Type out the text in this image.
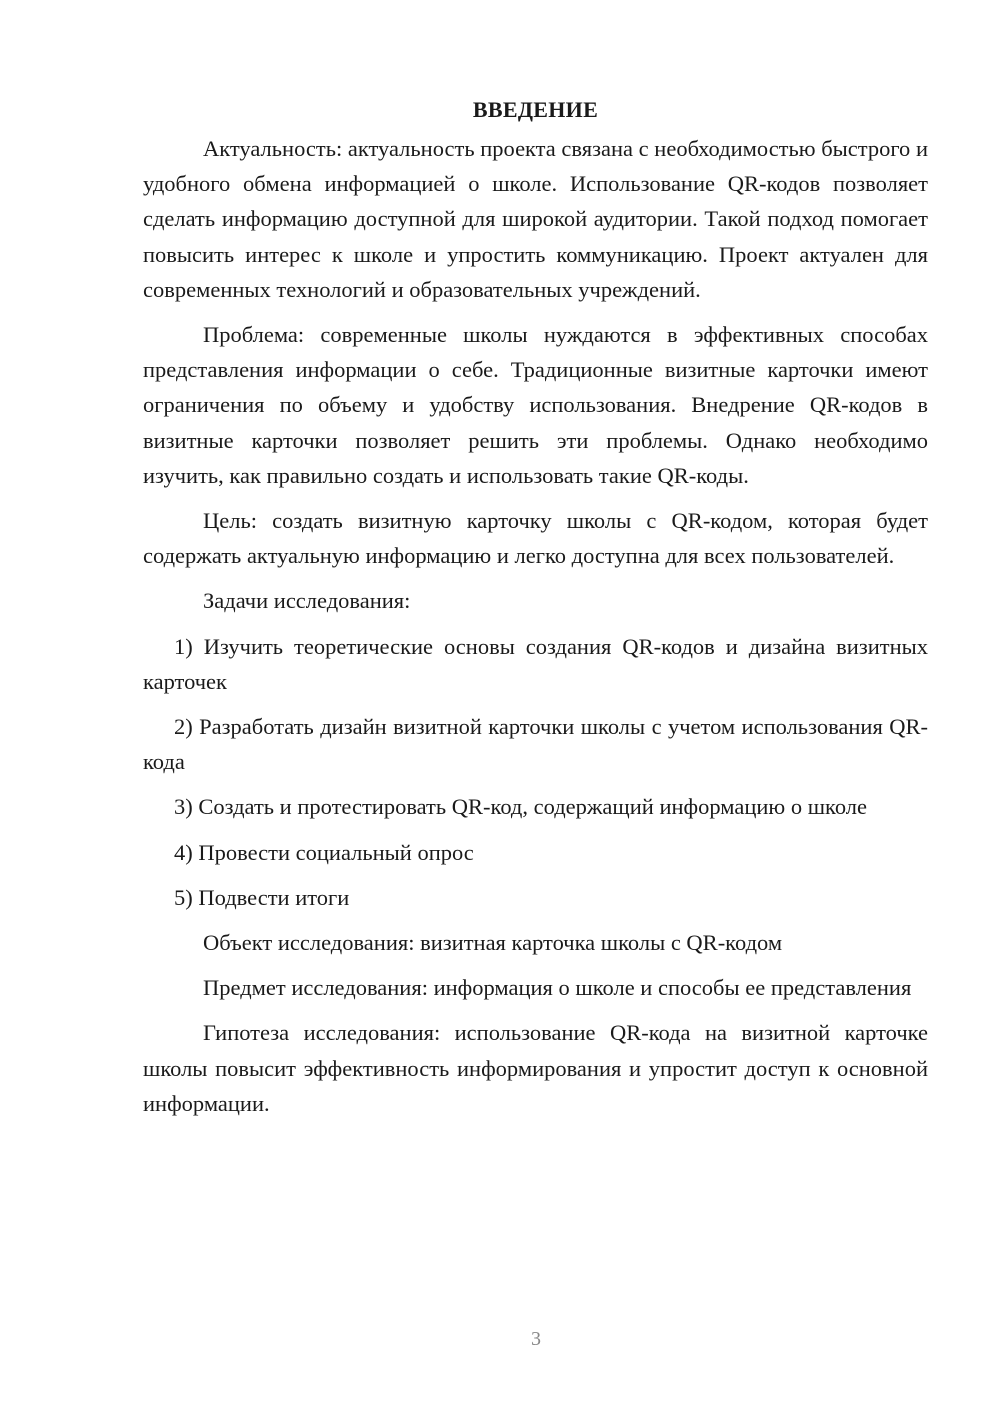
ВВЕДЕНИЕ

Актуальность: актуальность проекта связана с необходимостью быстрого и удобного обмена информацией о школе. Использование QR-кодов позволяет сделать информацию доступной для широкой аудитории. Такой подход помогает повысить интерес к школе и упростить коммуникацию. Проект актуален для современных технологий и образовательных учреждений.

Проблема: современные школы нуждаются в эффективных способах представления информации о себе. Традиционные визитные карточки имеют ограничения по объему и удобству использования. Внедрение QR-кодов в визитные карточки позволяет решить эти проблемы. Однако необходимо изучить, как правильно создать и использовать такие QR-коды.

Цель: создать визитную карточку школы с QR-кодом, которая будет содержать актуальную информацию и легко доступна для всех пользователей.

Задачи исследования:

1) Изучить теоретические основы создания QR-кодов и дизайна визитных карточек

2) Разработать дизайн визитной карточки школы с учетом использования QR-кода

3) Создать и протестировать QR-код, содержащий информацию о школе

4) Провести социальный опрос

5) Подвести итоги

Объект исследования: визитная карточка школы с QR-кодом

Предмет исследования: информация о школе и способы ее представления

Гипотеза исследования: использование QR-кода на визитной карточке школы повысит эффективность информирования и упростит доступ к основной информации.

3
